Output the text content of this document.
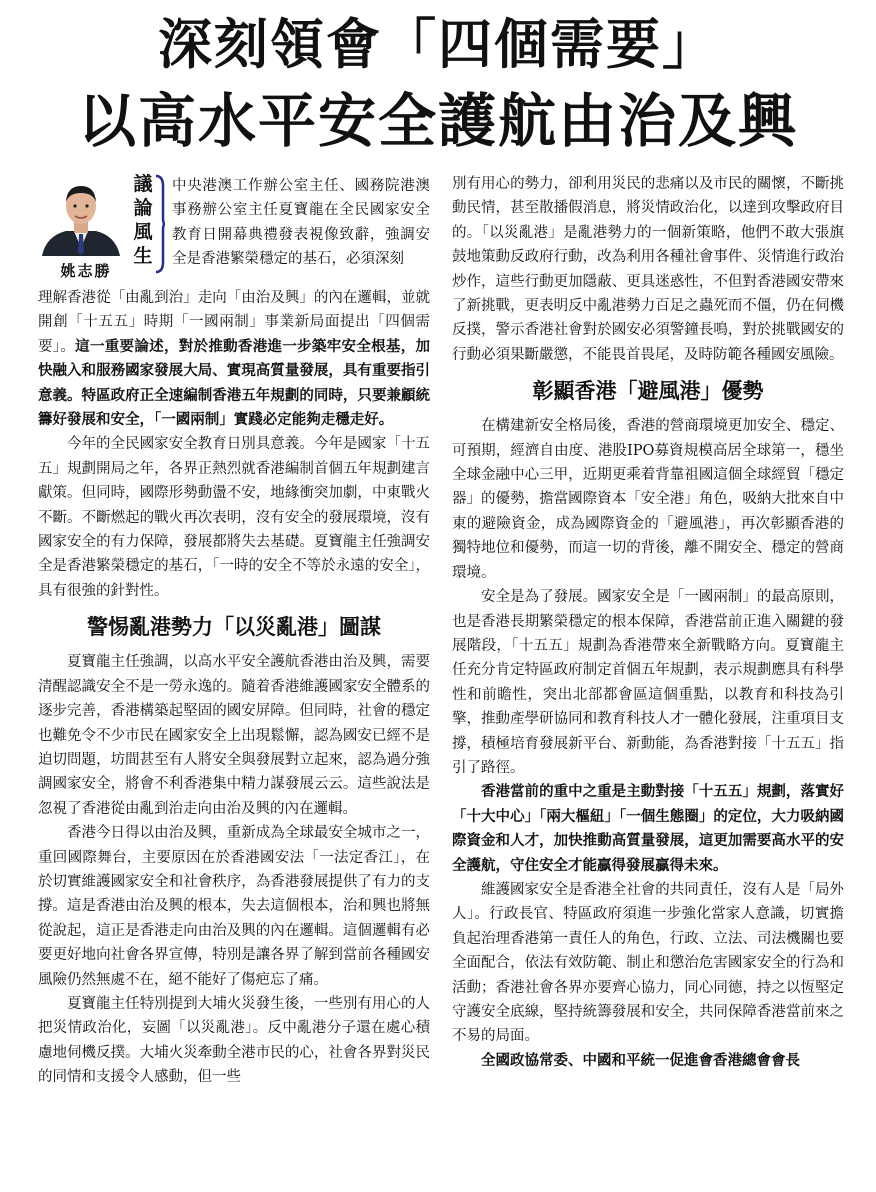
深刻領會「四個需要」
以高水平安全護航由治及興
姚志勝
議
論
風
生

中央港澳工作辦公室主任、國務院港澳事務辦公室主任夏寶龍在全民國家安全教育日開幕典禮發表視像致辭，強調安全是香港繁榮穩定的基石，必須深刻

理解香港從「由亂到治」走向「由治及興」的內在邏輯，並就開創「十五五」時期「一國兩制」事業新局面提出「四個需要」。這一重要論述，對於推動香港進一步築牢安全根基，加快融入和服務國家發展大局、實現高質量發展，具有重要指引意義。特區政府正全速編制香港五年規劃的同時，只要兼顧統籌好發展和安全，「一國兩制」實踐必定能夠走穩走好。

今年的全民國家安全教育日別具意義。今年是國家「十五五」規劃開局之年，各界正熱烈就香港編制首個五年規劃建言獻策。但同時，國際形勢動盪不安，地緣衝突加劇，中東戰火不斷。不斷燃起的戰火再次表明，沒有安全的發展環境，沒有國家安全的有力保障，發展都將失去基礎。夏寶龍主任強調安全是香港繁榮穩定的基石，「一時的安全不等於永遠的安全」，具有很強的針對性。

警惕亂港勢力「以災亂港」圖謀

夏寶龍主任強調，以高水平安全護航香港由治及興，需要清醒認識安全不是一勞永逸的。隨着香港維護國家安全體系的逐步完善，香港構築起堅固的國安屏障。但同時，社會的穩定也難免令不少市民在國家安全上出現鬆懈，認為國安已經不是迫切問題，坊間甚至有人將安全與發展對立起來，認為過分強調國家安全，將會不利香港集中精力謀發展云云。這些說法是忽視了香港從由亂到治走向由治及興的內在邏輯。

香港今日得以由治及興，重新成為全球最安全城市之一，重回國際舞台，主要原因在於香港國安法「一法定香江」，在於切實維護國家安全和社會秩序，為香港發展提供了有力的支撐。這是香港由治及興的根本，失去這個根本，治和興也將無從說起，這正是香港走向由治及興的內在邏輯。這個邏輯有必要更好地向社會各界宣傳，特別是讓各界了解到當前各種國安風險仍然無處不在，絕不能好了傷疤忘了痛。

夏寶龍主任特別提到大埔火災發生後，一些別有用心的人把災情政治化，妄圖「以災亂港」。反中亂港分子還在處心積慮地伺機反撲。大埔火災牽動全港市民的心，社會各界對災民的同情和支援令人感動，但一些

別有用心的勢力，卻利用災民的悲痛以及市民的關懷，不斷挑動民情，甚至散播假消息，將災情政治化，以達到攻擊政府目的。「以災亂港」是亂港勢力的一個新策略，他們不敢大張旗鼓地策動反政府行動，改為利用各種社會事件、災情進行政治炒作，這些行動更加隱蔽、更具迷惑性，不但對香港國安帶來了新挑戰，更表明反中亂港勢力百足之蟲死而不僵，仍在伺機反撲，警示香港社會對於國安必須警鐘長鳴，對於挑戰國安的行動必須果斷嚴懲，不能畏首畏尾，及時防範各種國安風險。

彰顯香港「避風港」優勢

在構建新安全格局後，香港的營商環境更加安全、穩定、可預期，經濟自由度、港股IPO募資規模高居全球第一，穩坐全球金融中心三甲，近期更乘着背靠祖國這個全球經貿「穩定器」的優勢，擔當國際資本「安全港」角色，吸納大批來自中東的避險資金，成為國際資金的「避風港」，再次彰顯香港的獨特地位和優勢，而這一切的背後，離不開安全、穩定的營商環境。

安全是為了發展。國家安全是「一國兩制」的最高原則，也是香港長期繁榮穩定的根本保障，香港當前正進入關鍵的發展階段，「十五五」規劃為香港帶來全新戰略方向。夏寶龍主任充分肯定特區政府制定首個五年規劃，表示規劃應具有科學性和前瞻性，突出北部都會區這個重點，以教育和科技為引擎，推動產學研協同和教育科技人才一體化發展，注重項目支撐，積極培育發展新平台、新動能，為香港對接「十五五」指引了路徑。

香港當前的重中之重是主動對接「十五五」規劃，落實好「十大中心」「兩大樞紐」「一個生態圈」的定位，大力吸納國際資金和人才，加快推動高質量發展，這更加需要高水平的安全護航，守住安全才能贏得發展贏得未來。

維護國家安全是香港全社會的共同責任，沒有人是「局外人」。行政長官、特區政府須進一步強化當家人意識，切實擔負起治理香港第一責任人的角色，行政、立法、司法機關也要全面配合，依法有效防範、制止和懲治危害國家安全的行為和活動；香港社會各界亦要齊心協力，同心同德，持之以恆堅定守護安全底線，堅持統籌發展和安全，共同保障香港當前來之不易的局面。

全國政協常委、中國和平統一促進會香港總會會長
